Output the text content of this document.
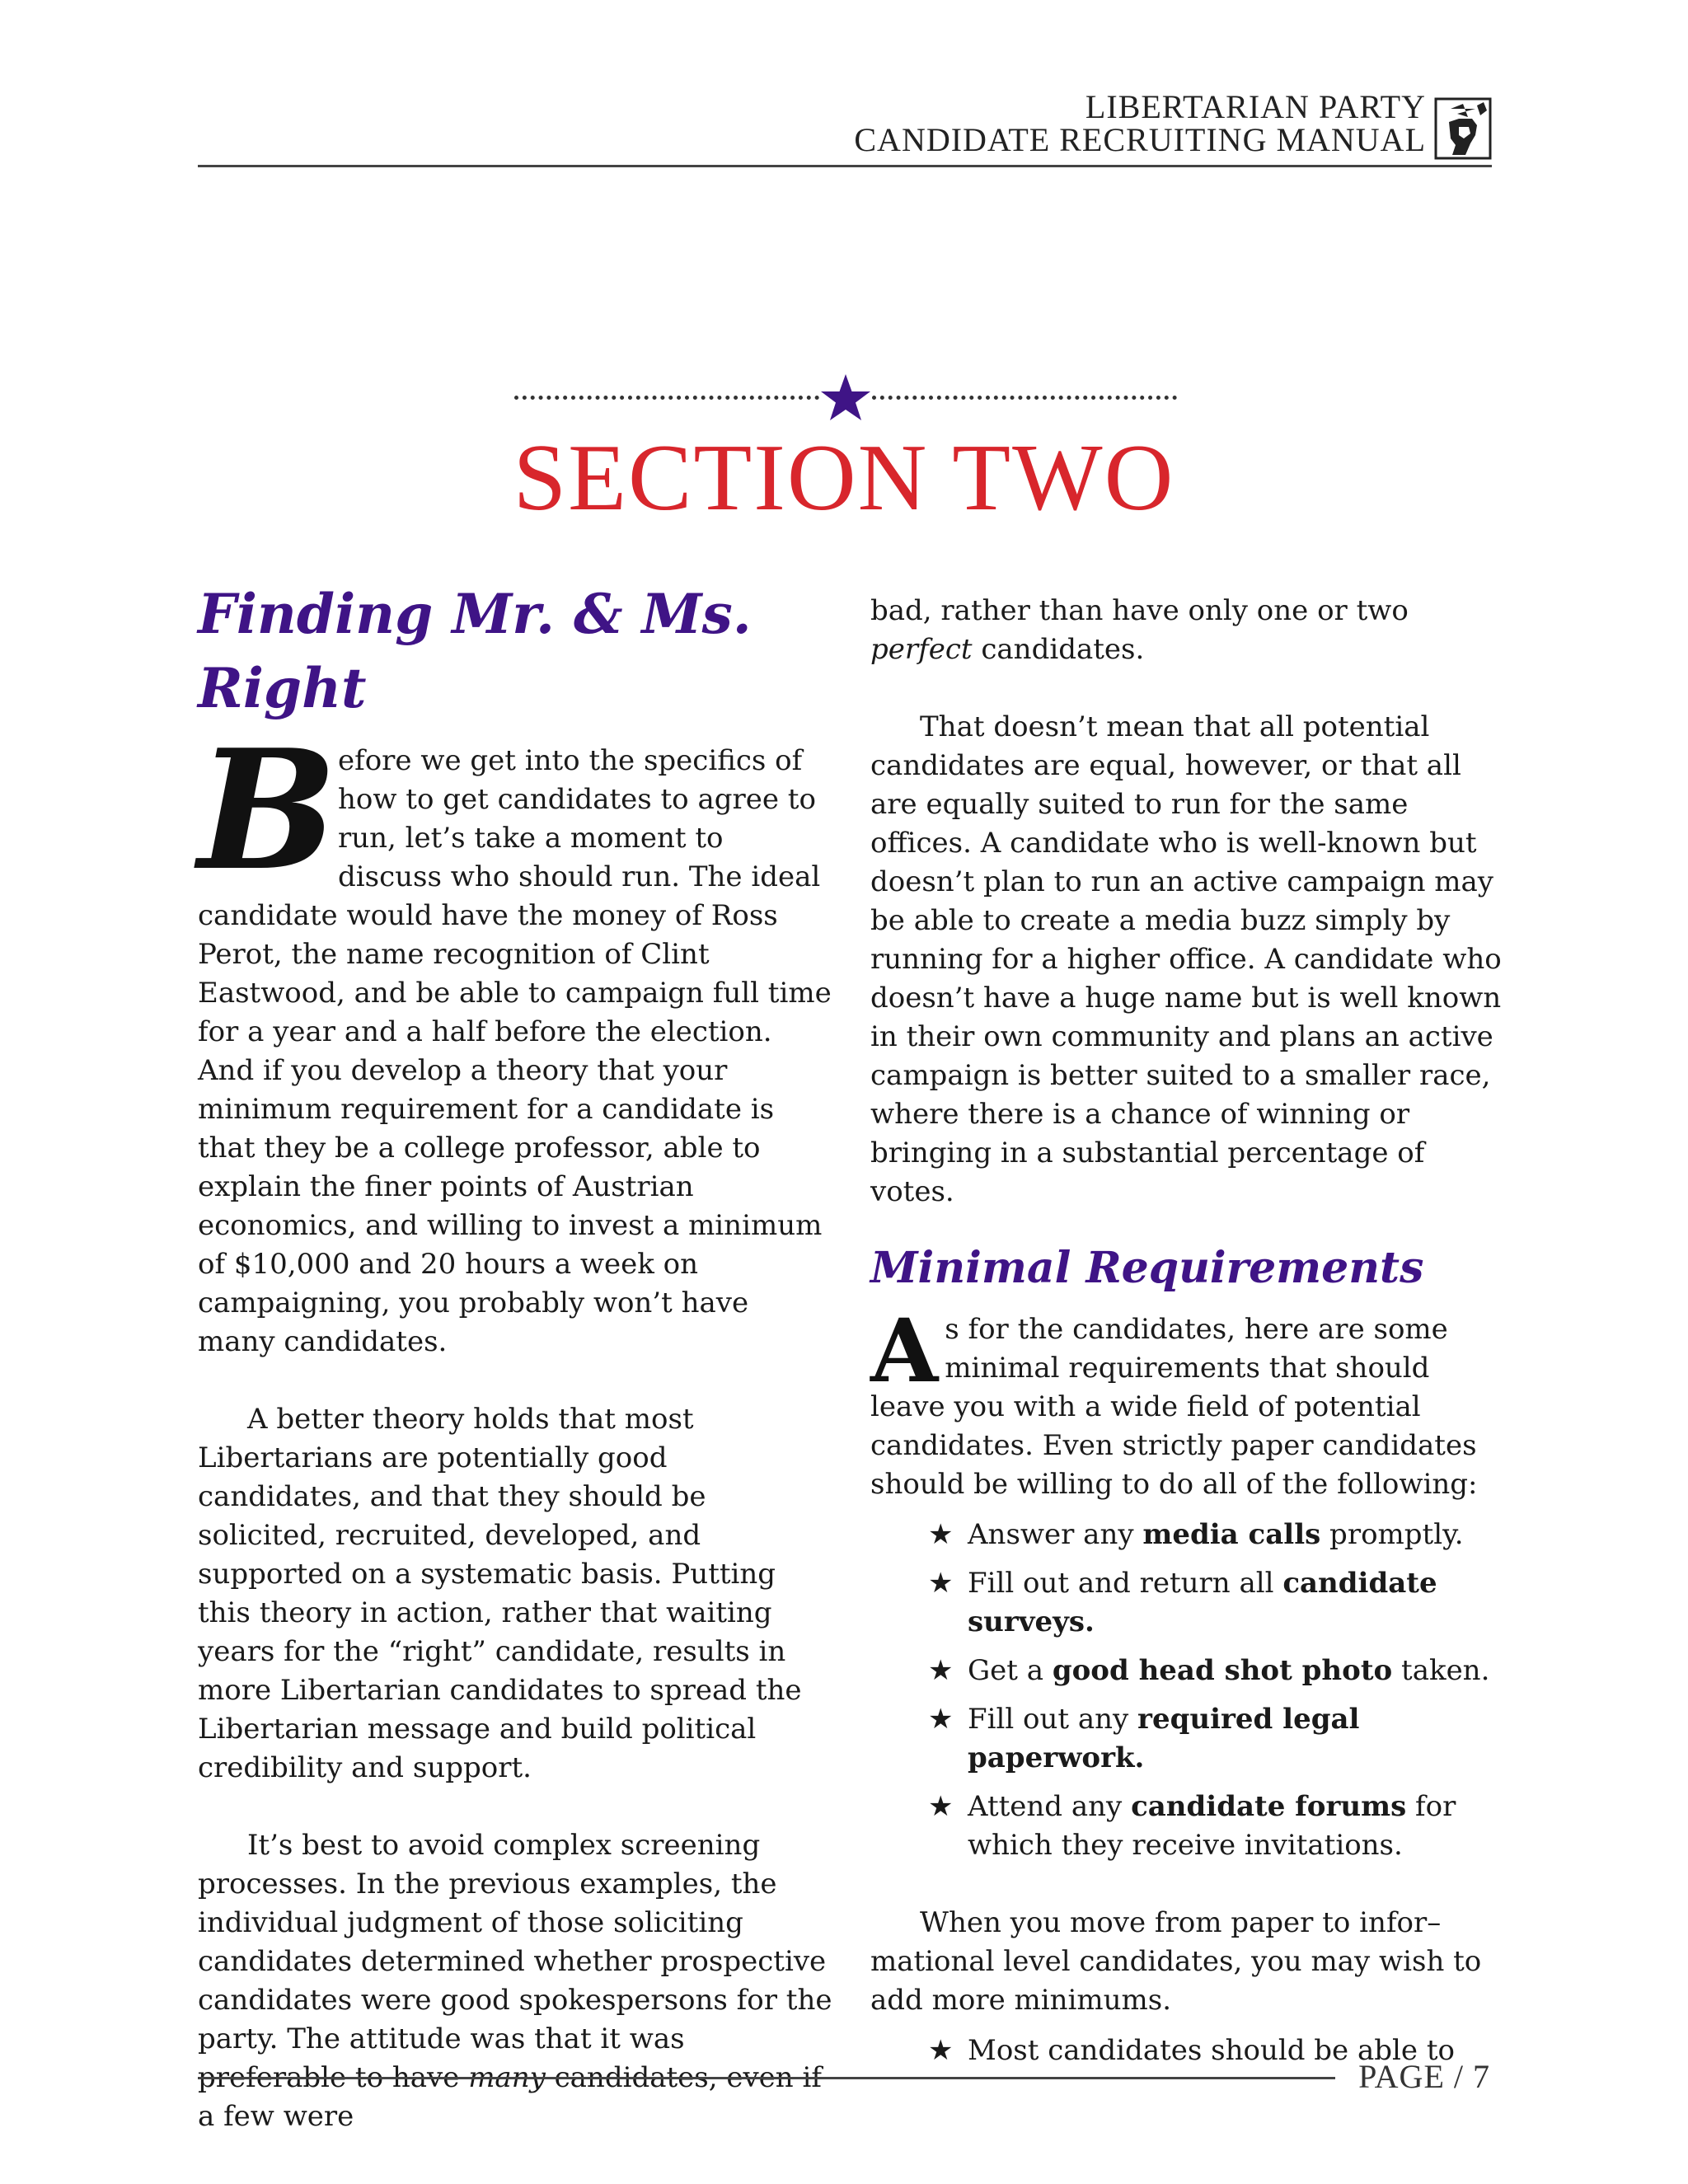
LIBERTARIAN PARTY
CANDIDATE RECRUITING MANUAL
SECTION TWO

Finding Mr. & Ms. Right

Before we get into the specifics of how to get candidates to agree to run, let’s take a moment to discuss who should run. The ideal candidate would have the money of Ross Perot, the name recognition of Clint Eastwood, and be able to campaign full time for a year and a half before the election. And if you develop a theory that your minimum requirement for a candidate is that they be a college professor, able to explain the finer points of Austrian economics, and willing to invest a minimum of $10,000 and 20 hours a week on campaigning, you probably won’t have many candidates.

A better theory holds that most Libertarians are potentially good candidates, and that they should be solicited, recruited, developed, and supported on a systematic basis. Putting this theory in action, rather that waiting years for the “right” candidate, results in more Libertarian candidates to spread the Libertarian message and build political credibility and support.

It’s best to avoid complex screening processes. In the previous examples, the individual judgment of those soliciting candidates determined whether prospective candidates were good spokespersons for the party. The attitude was that it was preferable to have many candidates, even if a few were

bad, rather than have only one or two perfect candidates.

That doesn’t mean that all potential candidates are equal, however, or that all are equally suited to run for the same offices. A candidate who is well-known but doesn’t plan to run an active campaign may be able to create a media buzz simply by running for a higher office. A candidate who doesn’t have a huge name but is well known in their own community and plans an active campaign is better suited to a smaller race, where there is a chance of winning or bringing in a substantial percentage of votes.

Minimal Requirements

As for the candidates, here are some minimal requirements that should leave you with a wide field of potential candidates. Even strictly paper candidates should be willing to do all of the following:

★ Answer any media calls promptly.
★ Fill out and return all candidate surveys.
★ Get a good head shot photo taken.
★ Fill out any required legal paperwork.
★ Attend any candidate forums for which they receive invitations.

When you move from paper to infor–mational level candidates, you may wish to add more minimums.

★ Most candidates should be able to
PAGE / 7
